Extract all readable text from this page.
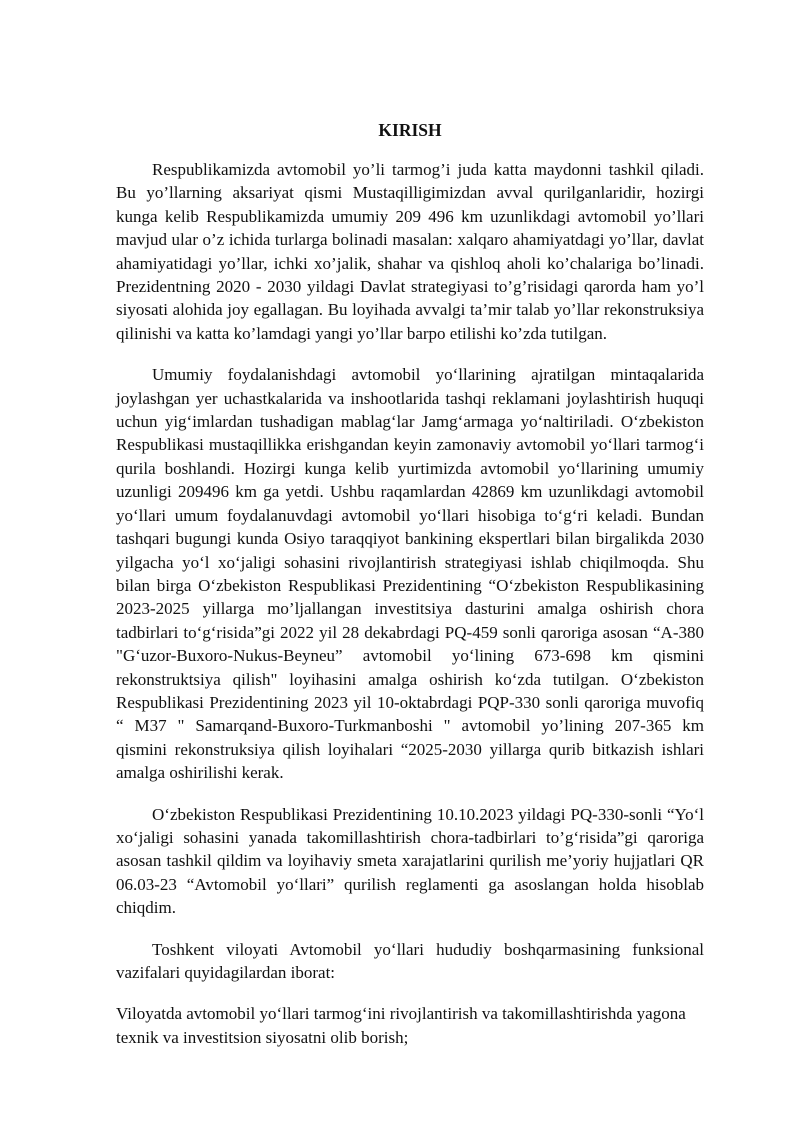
KIRISH

Respublikamizda avtomobil yo’li tarmog’i juda katta maydonni tashkil qiladi. Bu yo’llarning aksariyat qismi Mustaqilligimizdan avval qurilganlaridir, hozirgi kunga kelib Respublikamizda umumiy 209 496 km uzunlikdagi avtomobil yo’llari mavjud ular o’z ichida turlarga bolinadi masalan: xalqaro ahamiyatdagi yo’llar, davlat ahamiyatidagi yo’llar, ichki xo’jalik, shahar va qishloq aholi ko’chalariga bo’linadi. Prezidentning 2020 - 2030 yildagi Davlat strategiyasi to’g’risidagi qarorda ham yo’l siyosati alohida joy egallagan. Bu loyihada avvalgi ta’mir talab yo’llar rekonstruksiya qilinishi va katta ko’lamdagi yangi yo’llar barpo etilishi ko’zda tutilgan.

Umumiy foydalanishdagi avtomobil yo‘llarining ajratilgan mintaqalarida joylashgan yer uchastkalarida va inshootlarida tashqi reklamani joylashtirish huquqi uchun yig‘imlardan tushadigan mablag‘lar Jamg‘armaga yo‘naltiriladi. O‘zbekiston Respublikasi mustaqillikka erishgandan keyin zamonaviy avtomobil yo‘llari tarmog‘i qurila boshlandi. Hozirgi kunga kelib yurtimizda avtomobil yo‘llarining umumiy uzunligi 209496 km ga yetdi. Ushbu raqamlardan 42869 km uzunlikdagi avtomobil yo‘llari umum foydalanuvdagi avtomobil yo‘llari hisobiga to‘g‘ri keladi. Bundan tashqari bugungi kunda Osiyo taraqqiyot bankining ekspertlari bilan birgalikda 2030 yilgacha yo‘l xo‘jaligi sohasini rivojlantirish strategiyasi ishlab chiqilmoqda. Shu bilan birga O‘zbekiston Respublikasi Prezidentining “O‘zbekiston Respublikasining 2023-2025 yillarga mo’ljallangan investitsiya dasturini amalga oshirish chora tadbirlari to‘g‘risida”gi 2022 yil 28 dekabrdagi PQ-459 sonli qaroriga asosan “A-380 "G‘uzor-Buxoro-Nukus-Beyneu” avtomobil yo‘lining 673-698 km qismini rekonstruktsiya qilish" loyihasini amalga oshirish ko‘zda tutilgan. O‘zbekiston Respublikasi Prezidentining 2023 yil 10-oktabrdagi PQP-330 sonli qaroriga muvofiq “ M37 " Samarqand-Buxoro-Turkmanboshi " avtomobil yo’lining 207-365 km qismini rekonstruksiya qilish loyihalari “2025-2030 yillarga qurib bitkazish ishlari amalga oshirilishi kerak.

O‘zbekiston Respublikasi Prezidentining 10.10.2023 yildagi PQ-330-sonli “Yo‘l xo‘jaligi sohasini yanada takomillashtirish chora-tadbirlari to’g‘risida”gi qaroriga asosan tashkil qildim va loyihaviy smeta xarajatlarini qurilish me’yoriy hujjatlari QR 06.03-23 “Avtomobil yo‘llari” qurilish reglamenti ga asoslangan holda hisoblab chiqdim.

Toshkent viloyati Avtomobil yo‘llari hududiy boshqarmasining funksional vazifalari quyidagilardan iborat:

Viloyatda avtomobil yo‘llari tarmog‘ini rivojlantirish va takomillashtirishda yagona texnik va investitsion siyosatni olib borish;
